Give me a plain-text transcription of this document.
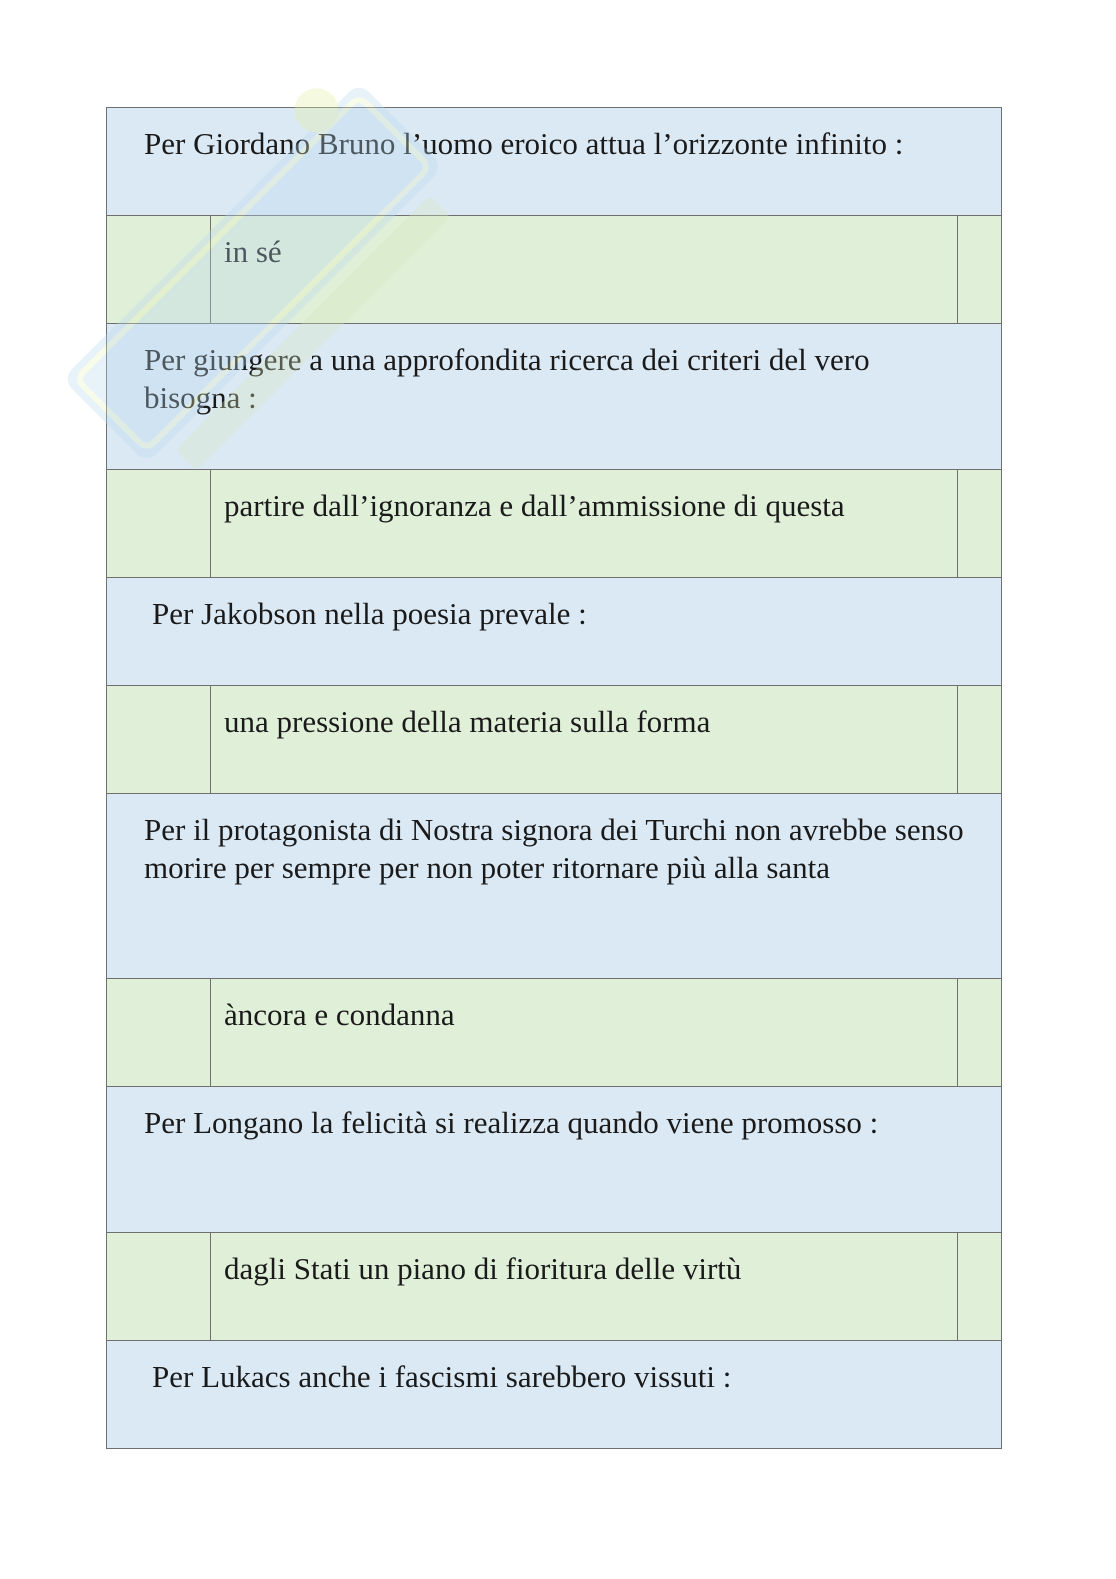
Per Giordano Bruno l’uomo eroico attua l’orizzonte infinito :
in sé
Per giungere a una approfondita ricerca dei criteri del vero bisogna :
partire dall’ignoranza e dall’ammissione di questa
Per Jakobson nella poesia prevale :
una pressione della materia sulla forma
Per il protagonista di Nostra signora dei Turchi non avrebbe senso morire per sempre per non poter ritornare più alla santa
àncora e condanna
Per Longano la felicità si realizza quando viene promosso :
dagli Stati un piano di fioritura delle virtù
Per Lukacs anche i fascismi sarebbero vissuti :
